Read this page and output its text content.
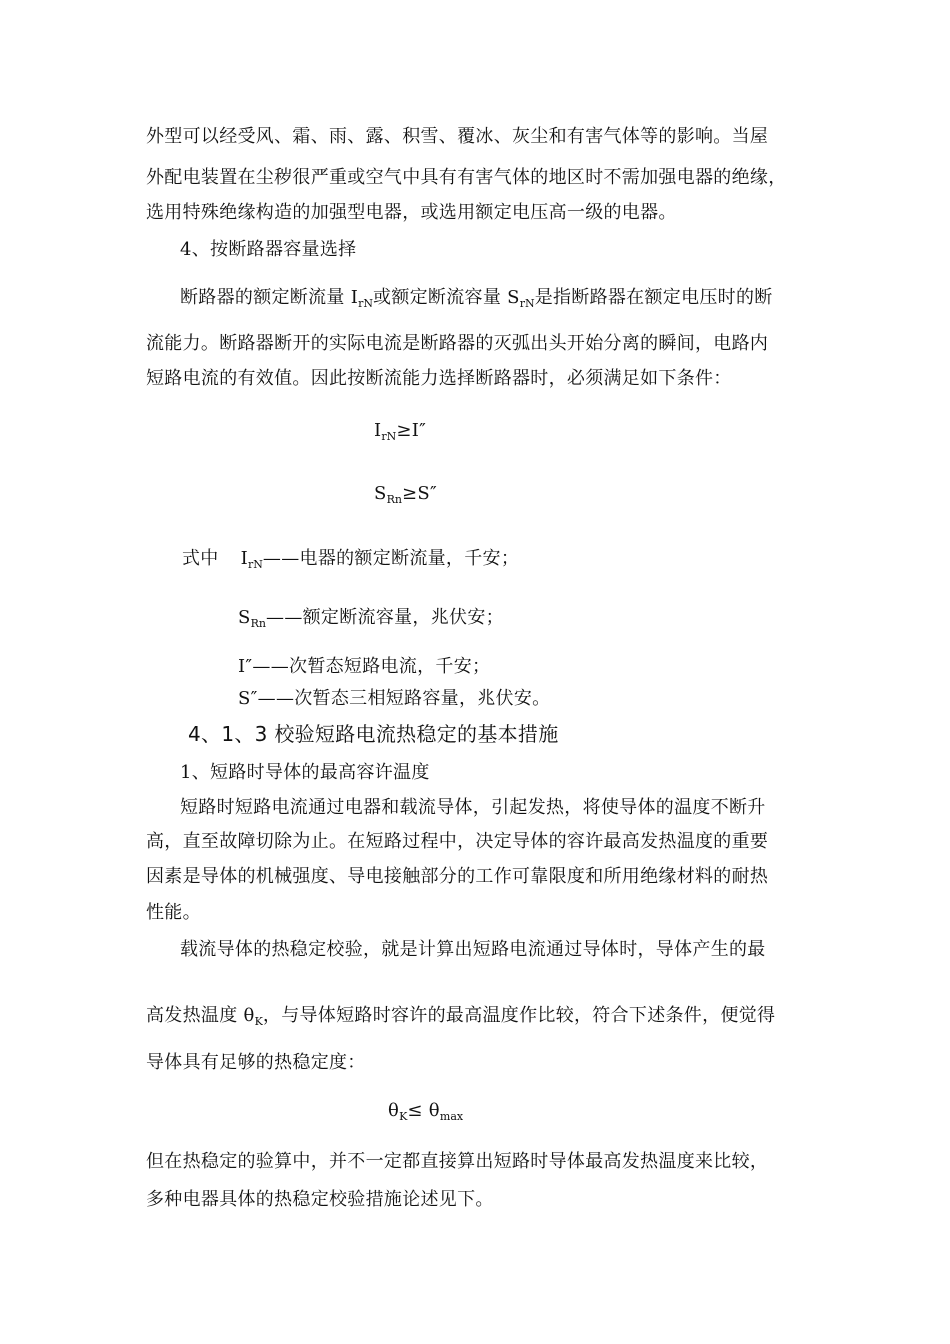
外型可以经受风、霜、雨、露、积雪、覆冰、灰尘和有害气体等的影响。当屋
外配电装置在尘秽很严重或空气中具有有害气体的地区时不需加强电器的绝缘，
选用特殊绝缘构造的加强型电器，或选用额定电压高一级的电器。
4、按断路器容量选择
断路器的额定断流量 $I_{rN}$或额定断流容量 $S_{rN}$是指断路器在额定电压时的断
流能力。断路器断开的实际电流是断路器的灭弧出头开始分离的瞬间，电路内
短路电流的有效值。因此按断流能力选择断路器时，必须满足如下条件：
$I_{rN}\ge I''$
$S_{Rn}\ge S''$
式中 $I_{rN}——$电器的额定断流量，千安；
$S_{Rn}——$额定断流容量，兆伏安；
I″——次暂态短路电流，千安；
S″——次暂态三相短路容量，兆伏安。
4、1、3 校验短路电流热稳定的基本措施
1、短路时导体的最高容许温度
短路时短路电流通过电器和载流导体，引起发热，将使导体的温度不断升
高，直至故障切除为止。在短路过程中，决定导体的容许最高发热温度的重要
因素是导体的机械强度、导电接触部分的工作可靠限度和所用绝缘材料的耐热
性能。
载流导体的热稳定校验，就是计算出短路电流通过导体时，导体产生的最
高发热温度 $\theta_K$，与导体短路时容许的最高温度作比较，符合下述条件，便觉得
导体具有足够的热稳定度：
$\theta_K\le \theta_{max}$
但在热稳定的验算中，并不一定都直接算出短路时导体最高发热温度来比较，
多种电器具体的热稳定校验措施论述见下。
